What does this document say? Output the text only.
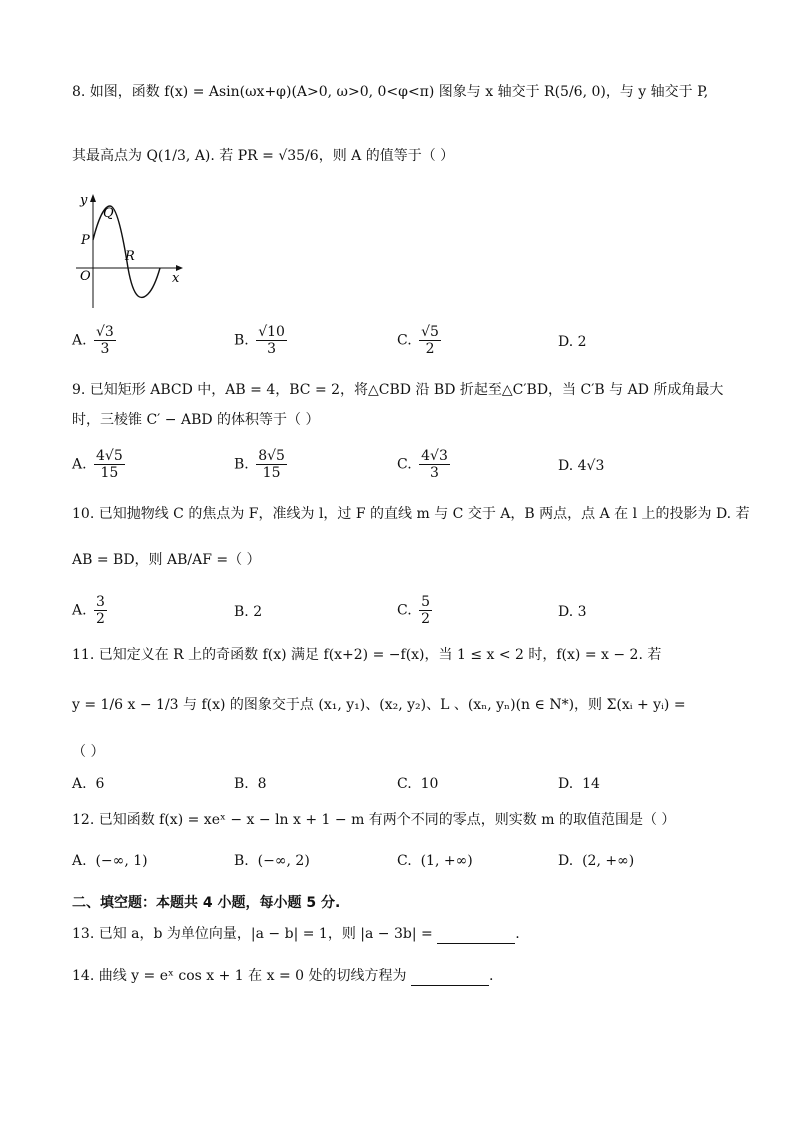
8. 如图，函数 f(x) = Asin(ωx+φ)(A>0, ω>0, 0<φ<π) 图象与 x 轴交于 R(5/6, 0)，与 y 轴交于 P,
其最高点为 Q(1/3, A). 若 PR = √35/6，则 A 的值等于（ ）
y
Q
P
R
O	x
A. $\frac{√3}{3}$	B. $\frac{√10}{3}$	C. $\frac{√5}{2}$	D. 2
9. 已知矩形 ABCD 中，AB = 4，BC = 2，将△CBD 沿 BD 折起至△C′BD，当 C′B 与 AD 所成角最大
时，三棱锥 C′ − ABD 的体积等于（ ）
A. $\frac{4√5}{15}$	B. $\frac{8√5}{15}$	C. $\frac{4√3}{3}$	D. 4√3
10. 已知抛物线 C 的焦点为 F，准线为 l，过 F 的直线 m 与 C 交于 A，B 两点，点 A 在 l 上的投影为 D. 若
AB = BD，则 AB/AF =（ ）
A. $\frac{3}{2}$	B. 2	C. $\frac{5}{2}$	D. 3
11. 已知定义在 R 上的奇函数 f(x) 满足 f(x+2) = −f(x)，当 1 ≤ x < 2 时，f(x) = x − 2. 若
y = 1/6 x − 1/3 与 f(x) 的图象交于点 (x₁, y₁)、(x₂, y₂)、L 、(xₙ, yₙ)(n ∈ N*)，则 Σ(xᵢ + yᵢ) =
（ ）
A. 6	B. 8	C. 10	D. 14
12. 已知函数 f(x) = xeˣ − x − ln x + 1 − m 有两个不同的零点，则实数 m 的取值范围是（ ）
A. (−∞, 1)	B. (−∞, 2)	C. (1, +∞)	D. (2, +∞)
二、填空题：本题共 4 小题，每小题 5 分.
13. 已知 a，b 为单位向量，|a − b| = 1，则 |a − 3b| =	.
14. 曲线 y = eˣ cos x + 1 在 x = 0 处的切线方程为	.
